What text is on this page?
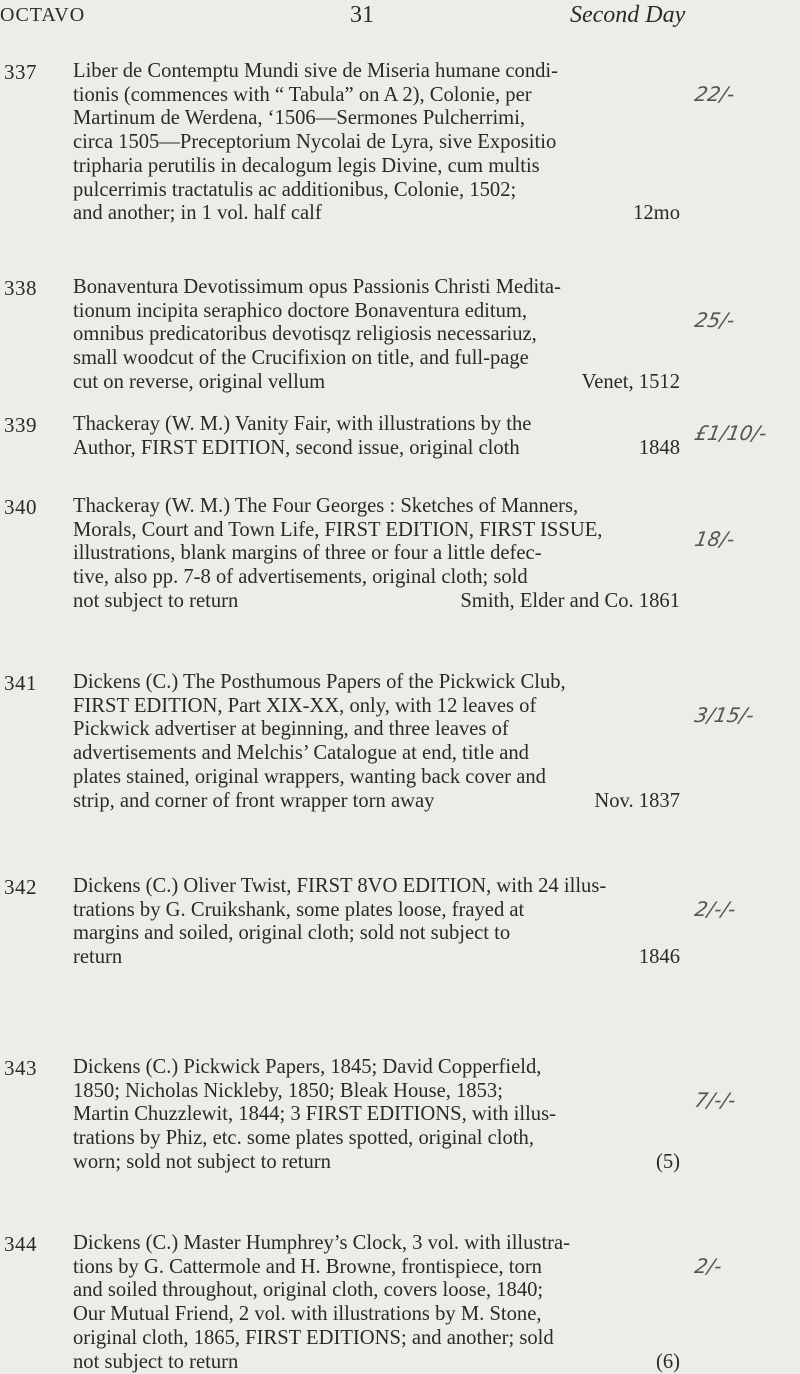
OCTAVO	31	Second Day
337 Liber de Contemptu Mundi sive de Miseria humane condi-
tionis (commences with “ Tabula” on A 2), Colonie, per
Martinum de Werdena, ‘1506—Sermones Pulcherrimi,
circa 1505—Preceptorium Nycolai de Lyra, sive Expositio
tripharia perutilis in decalogum legis Divine, cum multis
pulcerrimis tractatulis ac additionibus, Colonie, 1502;
and another; in 1 vol. half calf	12mo
22/-
338 Bonaventura Devotissimum opus Passionis Christi Medita-
tionum incipita seraphico doctore Bonaventura editum,
omnibus predicatoribus devotisqz religiosis necessariuz,
small woodcut of the Crucifixion on title, and full-page
cut on reverse, original vellum	Venet, 1512
25/-
339 Thackeray (W. M.) Vanity Fair, with illustrations by the
Author, FIRST EDITION, second issue, original cloth	1848
£1/10/-
340 Thackeray (W. M.) The Four Georges : Sketches of Manners,
Morals, Court and Town Life, FIRST EDITION, FIRST ISSUE,
illustrations, blank margins of three or four a little defec-
tive, also pp. 7-8 of advertisements, original cloth; sold
not subject to return	Smith, Elder and Co. 1861
18/-
341 Dickens (C.) The Posthumous Papers of the Pickwick Club,
FIRST EDITION, Part XIX-XX, only, with 12 leaves of
Pickwick advertiser at beginning, and three leaves of
advertisements and Melchis’ Catalogue at end, title and
plates stained, original wrappers, wanting back cover and
strip, and corner of front wrapper torn away	Nov. 1837
3/15/-
342 Dickens (C.) Oliver Twist, FIRST 8VO EDITION, with 24 illus-
trations by G. Cruikshank, some plates loose, frayed at
margins and soiled, original cloth; sold not subject to
return	1846
2/-/-
343 Dickens (C.) Pickwick Papers, 1845; David Copperfield,
1850; Nicholas Nickleby, 1850; Bleak House, 1853;
Martin Chuzzlewit, 1844; 3 FIRST EDITIONS, with illus-
trations by Phiz, etc. some plates spotted, original cloth,
worn; sold not subject to return	(5)
7/-/-
344 Dickens (C.) Master Humphrey’s Clock, 3 vol. with illustra-
tions by G. Cattermole and H. Browne, frontispiece, torn
and soiled throughout, original cloth, covers loose, 1840;
Our Mutual Friend, 2 vol. with illustrations by M. Stone,
original cloth, 1865, FIRST EDITIONS; and another; sold
not subject to return	(6)
2/-
